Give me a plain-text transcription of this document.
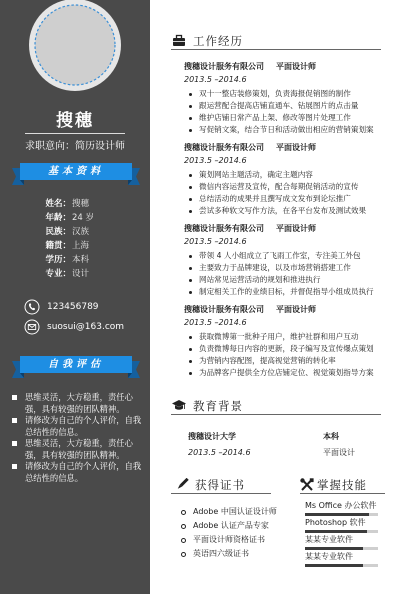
搜穗
求职意向：简历设计师
基本资料
姓名： 搜穗
年龄： 24 岁
民族： 汉族
籍贯： 上海
学历： 本科
专业： 设计
123456789
suosui@163.com
自我评估
思维灵活，大方稳重，责任心
强，具有较强的团队精神。
请修改为自己的个人评价，自我
总结性的信息。
思维灵活，大方稳重，责任心
强，具有较强的团队精神。
请修改为自己的个人评价，自我
总结性的信息。
工作经历
搜穗设计服务有限公司 平面设计师
2013.5 –2014.6
双十一整店装修策划，负责海报促销图的制作
跟运营配合提高店铺直通车、钻展图片的点击量
维护店铺日常产品上架、修改等图片处理工作
写促销文案，结合节日和活动做出相应的营销策划案
搜穗设计服务有限公司 平面设计师
2013.5 –2014.6
策划网站主题活动，确定主题内容
微信内容运营及宣传，配合每期促销活动的宣传
总结活动的成果并且撰写成文发布到论坛推广
尝试多种软文写作方法，在各平台发布及测试效果
搜穗设计服务有限公司 平面设计师
2013.5 –2014.6
带领 4 人小组成立了飞雨工作室，专注美工外包
主要致力于品牌建设，以及市场营销搭建工作
网站常见运营活动的规划和推进执行
制定相关工作的业绩目标，并督促指导小组成员执行
搜穗设计服务有限公司 平面设计师
2013.5 –2014.6
获取微博第一批种子用户，维护社群和用户互动
负责微博每日内容的更新，段子编写及宣传爆点策划
为营销内容配图，提高视觉营销的转化率
为品牌客户提供全方位店铺定位、视觉策划指导方案
教育背景
搜穗设计大学	本科
2013.5 –2014.6	平面设计
获得证书
Adobe 中国认证设计师
Adobe 认证产品专家
平面设计师资格证书
英语四六级证书
掌握技能
Ms Office 办公软件
Photoshop 软件
某某专业软件
某某专业软件
